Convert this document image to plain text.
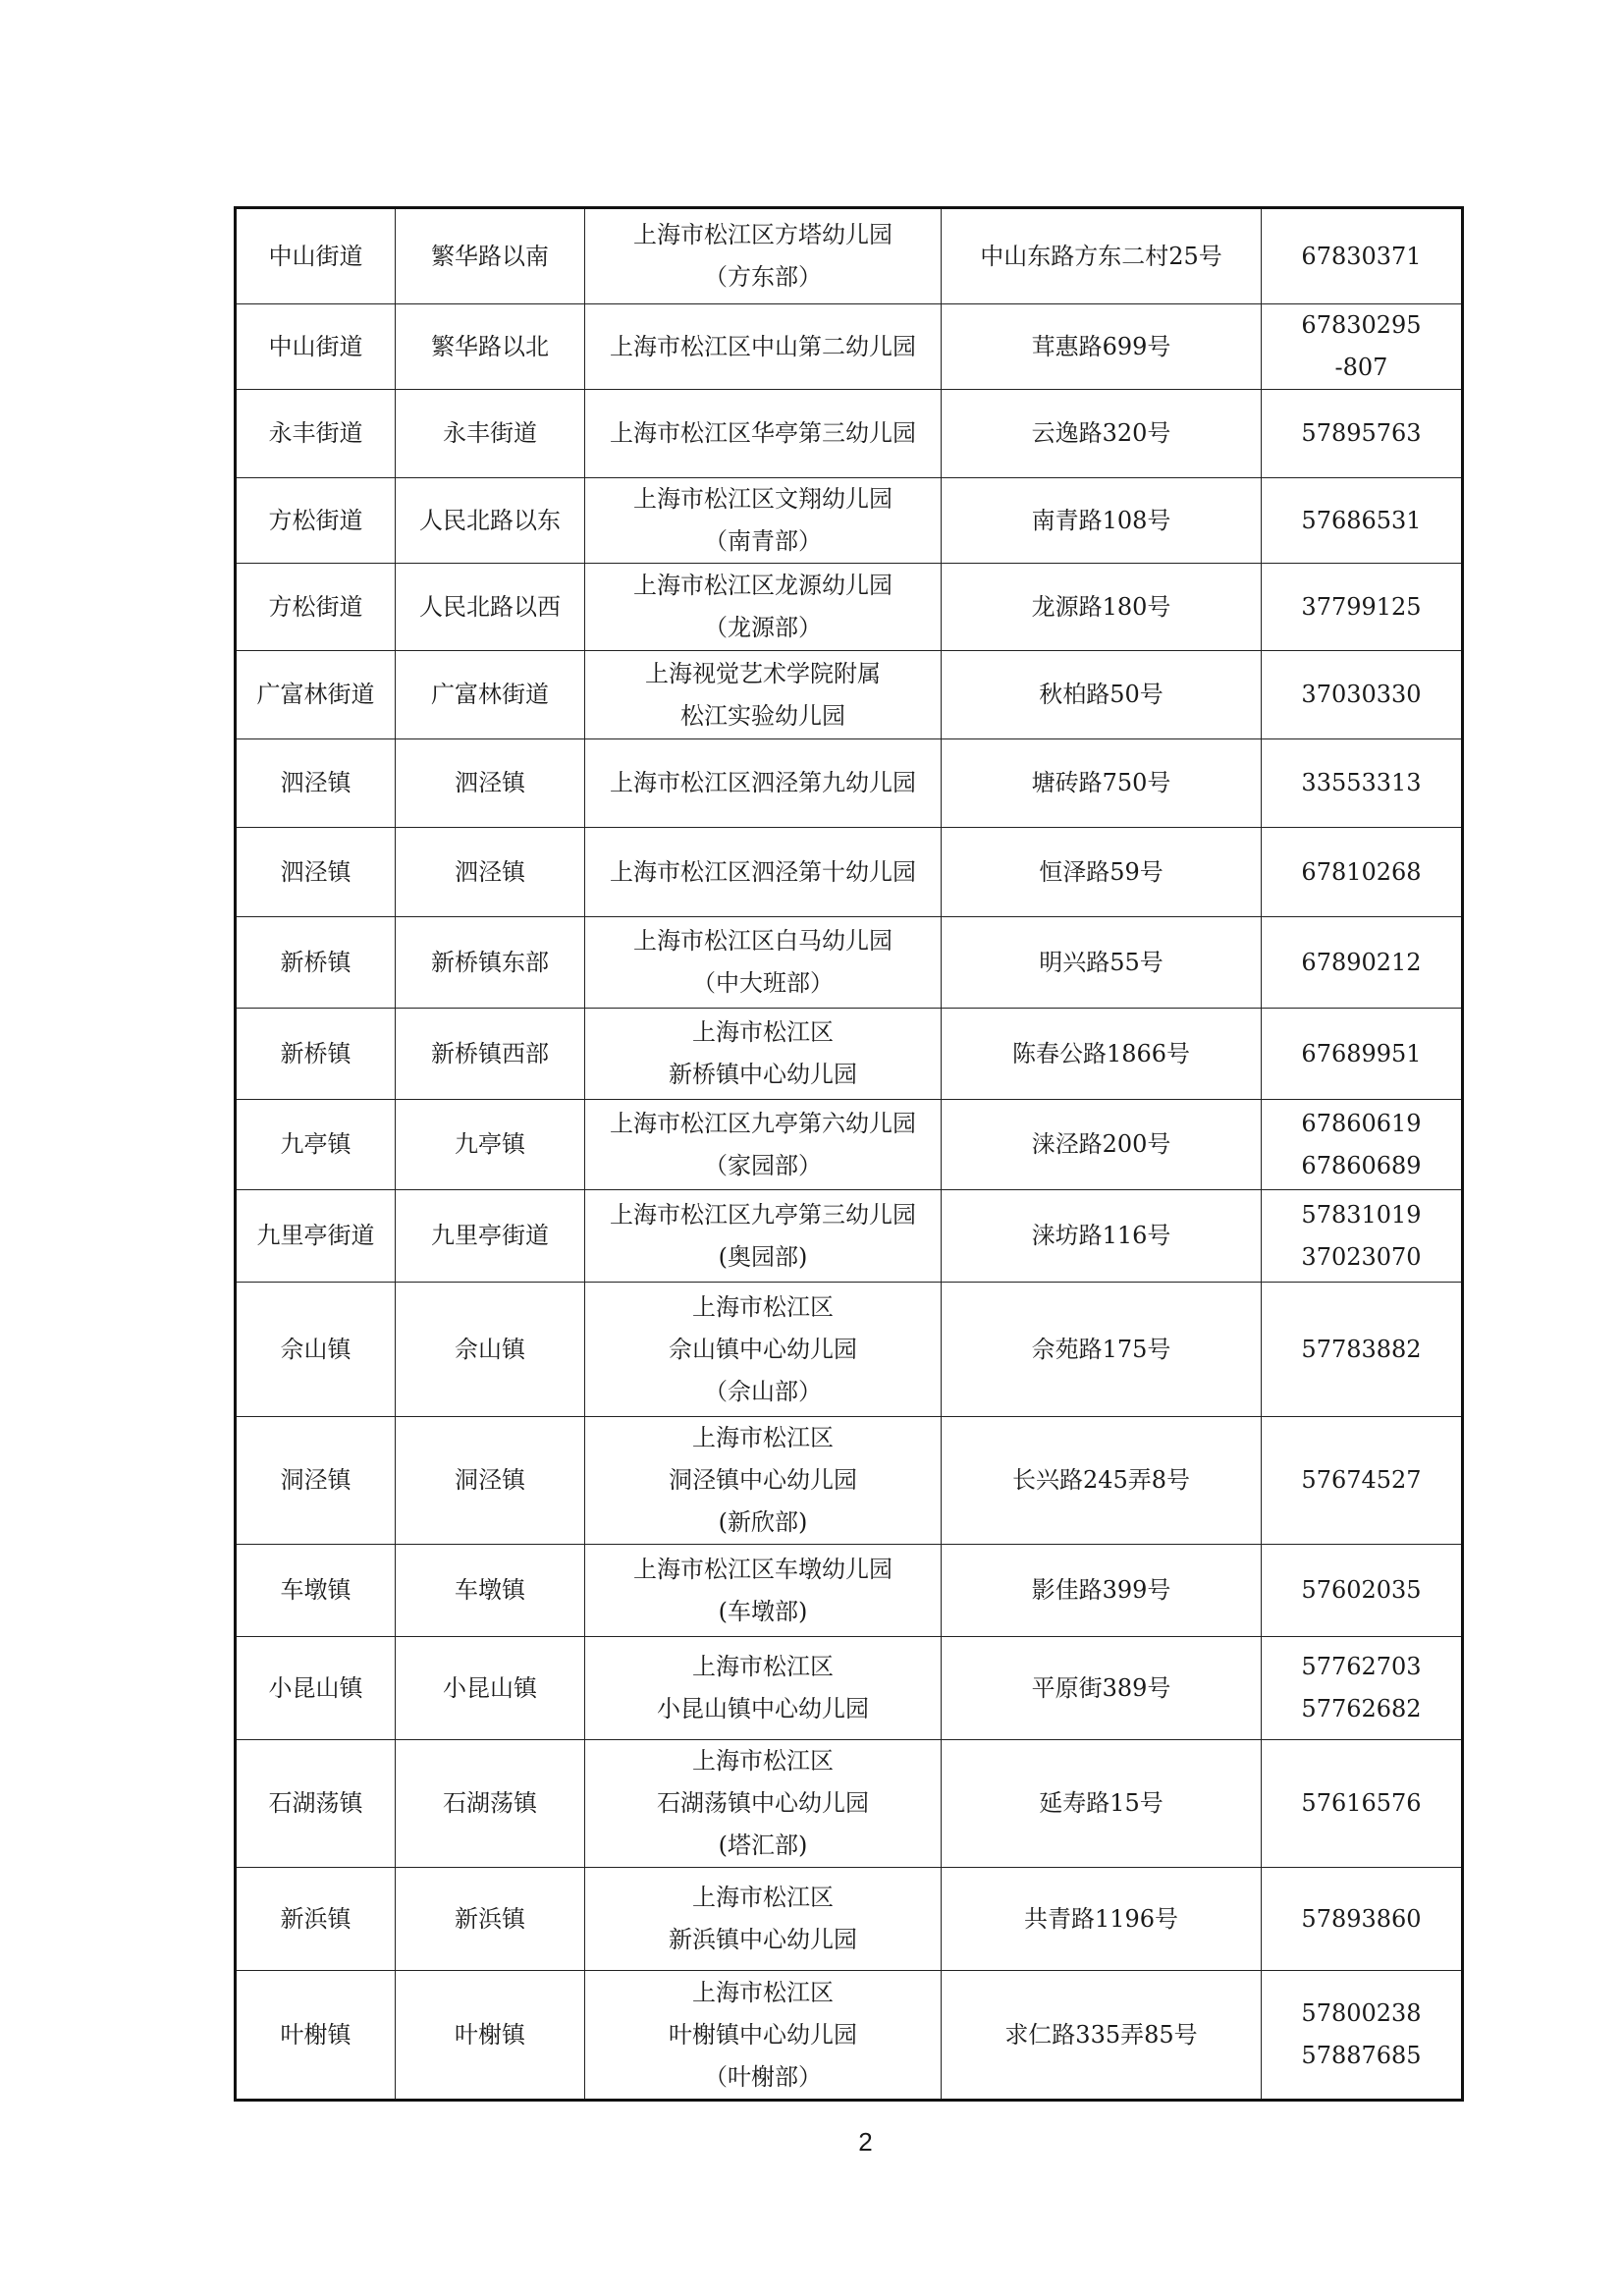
中山街道	繁华路以南	上海市松江区方塔幼儿园
（方东部）	中山东路方东二村25号	67830371

中山街道	繁华路以北	上海市松江区中山第二幼儿园	茸惠路699号	67830295
-807

永丰街道	永丰街道	上海市松江区华亭第三幼儿园	云逸路320号	57895763

方松街道	人民北路以东	上海市松江区文翔幼儿园
（南青部）	南青路108号	57686531

方松街道	人民北路以西	上海市松江区龙源幼儿园
（龙源部）	龙源路180号	37799125

广富林街道	广富林街道	上海视觉艺术学院附属
松江实验幼儿园	秋柏路50号	37030330

泗泾镇	泗泾镇	上海市松江区泗泾第九幼儿园	塘砖路750号	33553313

泗泾镇	泗泾镇	上海市松江区泗泾第十幼儿园	恒泽路59号	67810268

新桥镇	新桥镇东部	上海市松江区白马幼儿园
（中大班部）	明兴路55号	67890212

新桥镇	新桥镇西部	上海市松江区
新桥镇中心幼儿园	陈春公路1866号	67689951

九亭镇	九亭镇	上海市松江区九亭第六幼儿园
（家园部）	涞泾路200号	67860619
67860689

九里亭街道	九里亭街道	上海市松江区九亭第三幼儿园
(奥园部)	涞坊路116号	57831019
37023070

佘山镇	佘山镇	上海市松江区
佘山镇中心幼儿园
（佘山部）	佘苑路175号	57783882

洞泾镇	洞泾镇	上海市松江区
洞泾镇中心幼儿园
(新欣部)	长兴路245弄8号	57674527

车墩镇	车墩镇	上海市松江区车墩幼儿园
(车墩部)	影佳路399号	57602035

小昆山镇	小昆山镇	上海市松江区
小昆山镇中心幼儿园	平原街389号	57762703
57762682

石湖荡镇	石湖荡镇	上海市松江区
石湖荡镇中心幼儿园
(塔汇部)	延寿路15号	57616576

新浜镇	新浜镇	上海市松江区
新浜镇中心幼儿园	共青路1196号	57893860

叶榭镇	叶榭镇	上海市松江区
叶榭镇中心幼儿园
（叶榭部）	求仁路335弄85号	57800238
57887685
2
